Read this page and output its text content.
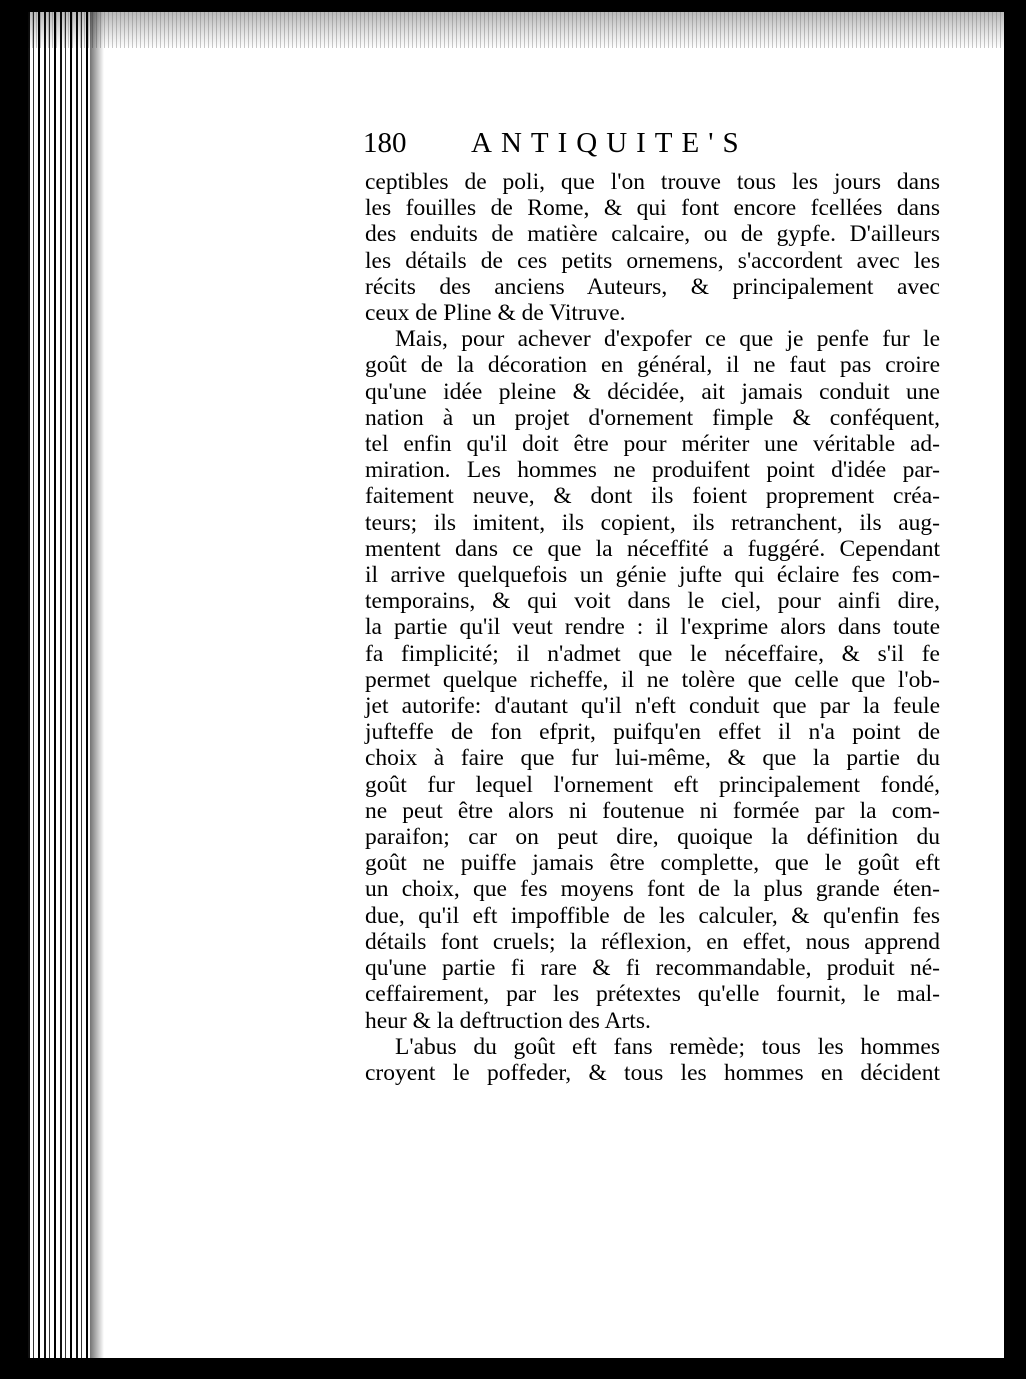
180 ANTIQUITE'S
ceptibles de poli, que l'on trouve tous les jours dans
les fouilles de Rome, & qui font encore fcellées dans
des enduits de matière calcaire, ou de gypfe. D'ailleurs
les détails de ces petits ornemens, s'accordent avec les
récits des anciens Auteurs, & principalement avec
ceux de Pline & de Vitruve.
Mais, pour achever d'expofer ce que je penfe fur le
goût de la décoration en général, il ne faut pas croire
qu'une idée pleine & décidée, ait jamais conduit une
nation à un projet d'ornement fimple & conféquent,
tel enfin qu'il doit être pour mériter une véritable ad-
miration. Les hommes ne produifent point d'idée par-
faitement neuve, & dont ils foient proprement créa-
teurs; ils imitent, ils copient, ils retranchent, ils aug-
mentent dans ce que la néceffité a fuggéré. Cependant
il arrive quelquefois un génie jufte qui éclaire fes com-
temporains, & qui voit dans le ciel, pour ainfi dire,
la partie qu'il veut rendre : il l'exprime alors dans toute
fa fimplicité; il n'admet que le néceffaire, & s'il fe
permet quelque richeffe, il ne tolère que celle que l'ob-
jet autorife: d'autant qu'il n'eft conduit que par la feule
jufteffe de fon efprit, puifqu'en effet il n'a point de
choix à faire que fur lui-même, & que la partie du
goût fur lequel l'ornement eft principalement fondé,
ne peut être alors ni foutenue ni formée par la com-
paraifon; car on peut dire, quoique la définition du
goût ne puiffe jamais être complette, que le goût eft
un choix, que fes moyens font de la plus grande éten-
due, qu'il eft impoffible de les calculer, & qu'enfin fes
détails font cruels; la réflexion, en effet, nous apprend
qu'une partie fi rare & fi recommandable, produit né-
ceffairement, par les prétextes qu'elle fournit, le mal-
heur & la deftruction des Arts.
L'abus du goût eft fans remède; tous les hommes
croyent le poffeder, & tous les hommes en décident
